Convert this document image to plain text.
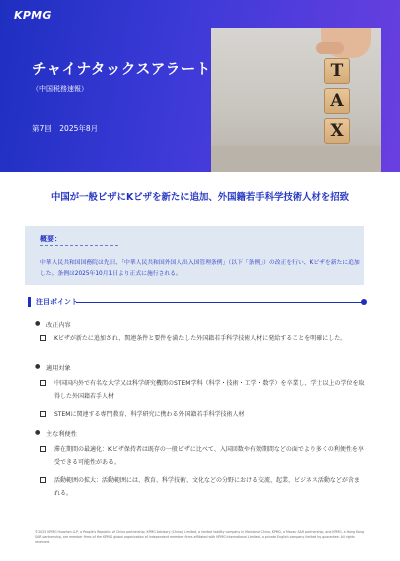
KPMG
チャイナタックスアラート
（中国税務速報）
第7回　2025年8月
T
A
X
中国が一般ビザにKビザを新たに追加、外国籍若手科学技術人材を招致
概要：
中華人民共和国国務院は先日、「中華人民共和国外国人出入国管理条例」（以下「条例」）の改正を行い、Kビザを新たに追加した。条例は2025年10月1日より正式に施行される。
注目ポイント
● 改正内容
Kビザが新たに追加され、関連条件と要件を満たした外国籍若手科学技術人材に発給することを明確にした。
● 適用対象
中国国内外で有名な大学又は科学研究機関のSTEM学科（科学・技術・工学・数学）を卒業し、学士以上の学位を取得した外国籍若手人材
STEMに関連する専門教育、科学研究に携わる外国籍若手科学技術人材
● 主な利便性
滞在期間の最適化：Kビザ保持者は既存の一般ビザに比べて、入国回数や有効期間などの面でより多くの利便性を享受できる可能性がある。
活動範囲の拡大：活動範囲には、教育、科学技術、文化などの分野における交流、起業、ビジネス活動などが含まれる。
©2025 KPMG Huazhen LLP, a People's Republic of China partnership, KPMG Advisory (China) Limited, a limited liability company in Mainland China, KPMG, a Macau SAR partnership, and KPMG, a Hong Kong SAR partnership, are member firms of the KPMG global organization of independent member firms affiliated with KPMG International Limited, a private English company limited by guarantee. All rights reserved.
